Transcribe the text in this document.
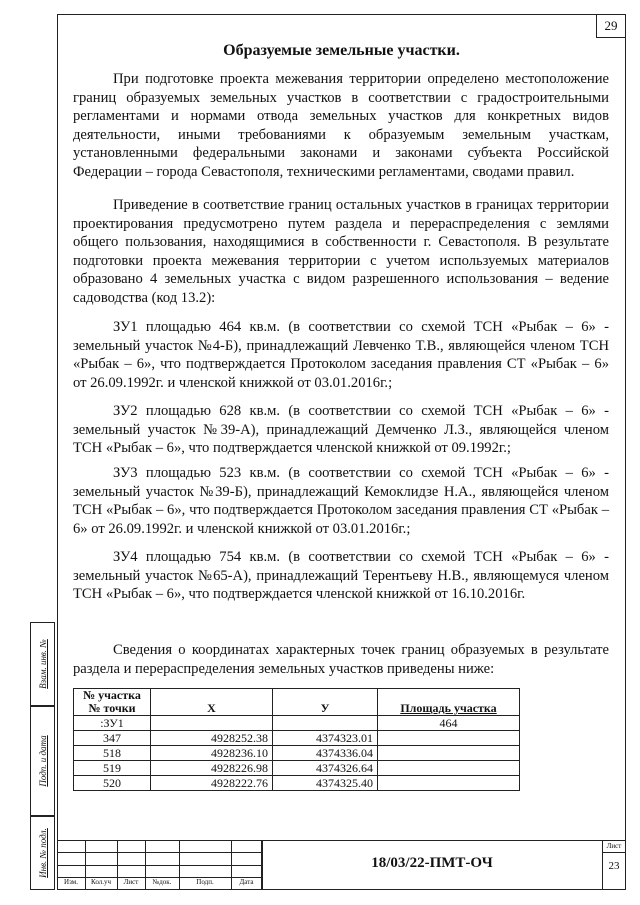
29
Образуемые земельные участки.

При подготовке проекта межевания территории определено местоположение границ образуемых земельных участков в соответствии с градостроительными регламентами и нормами отвода земельных участков для конкретных видов деятельности, иными требованиями к образуемым земельным участкам, установленными федеральными законами и законами субъекта Российской Федерации – города Севастополя, техническими регламентами, сводами правил.

Приведение в соответствие границ остальных участков в границах территории проектирования предусмотрено путем раздела и перераспределения с землями общего пользования, находящимися в собственности г. Севастополя. В результате подготовки проекта межевания территории с учетом используемых материалов образовано 4 земельных участка с видом разрешенного использования – ведение садоводства (код 13.2):

ЗУ1 площадью 464 кв.м. (в соответствии со схемой ТСН «Рыбак – 6» - земельный участок №4-Б), принадлежащий Левченко Т.В., являющейся членом ТСН «Рыбак – 6», что подтверждается Протоколом заседания правления СТ «Рыбак – 6» от 26.09.1992г. и членской книжкой от 03.01.2016г.;

ЗУ2 площадью 628 кв.м. (в соответствии со схемой ТСН «Рыбак – 6» - земельный участок №39-А), принадлежащий Демченко Л.З., являющейся членом ТСН «Рыбак – 6», что подтверждается членской книжкой от 09.1992г.;

ЗУ3 площадью 523 кв.м. (в соответствии со схемой ТСН «Рыбак – 6» - земельный участок №39-Б), принадлежащий Кемоклидзе Н.А., являющейся членом ТСН «Рыбак – 6», что подтверждается Протоколом заседания правления СТ «Рыбак – 6» от 26.09.1992г. и членской книжкой от 03.01.2016г.;

ЗУ4 площадью 754 кв.м. (в соответствии со схемой ТСН «Рыбак – 6» - земельный участок №65-А), принадлежащий Терентьеву Н.В., являющемуся членом ТСН «Рыбак – 6», что подтверждается членской книжкой от 16.10.2016г.

Сведения о координатах характерных точек границ образуемых в результате раздела и перераспределения земельных участков приведены ниже:

Взам. инв. №
Подп. и дата
Инв. № подл.
№ участка
№ точки	X	У	Площадь участка
:ЗУ1			464
347	4928252.38	4374323.01	
518	4928236.10	4374336.04	
519	4928226.98	4374326.64	
520	4928222.76	4374325.40	
Изм.	Кол.уч	Лист	№док.	Подп.	Дата
18/03/22-ПМТ-ОЧ
Лист
23
